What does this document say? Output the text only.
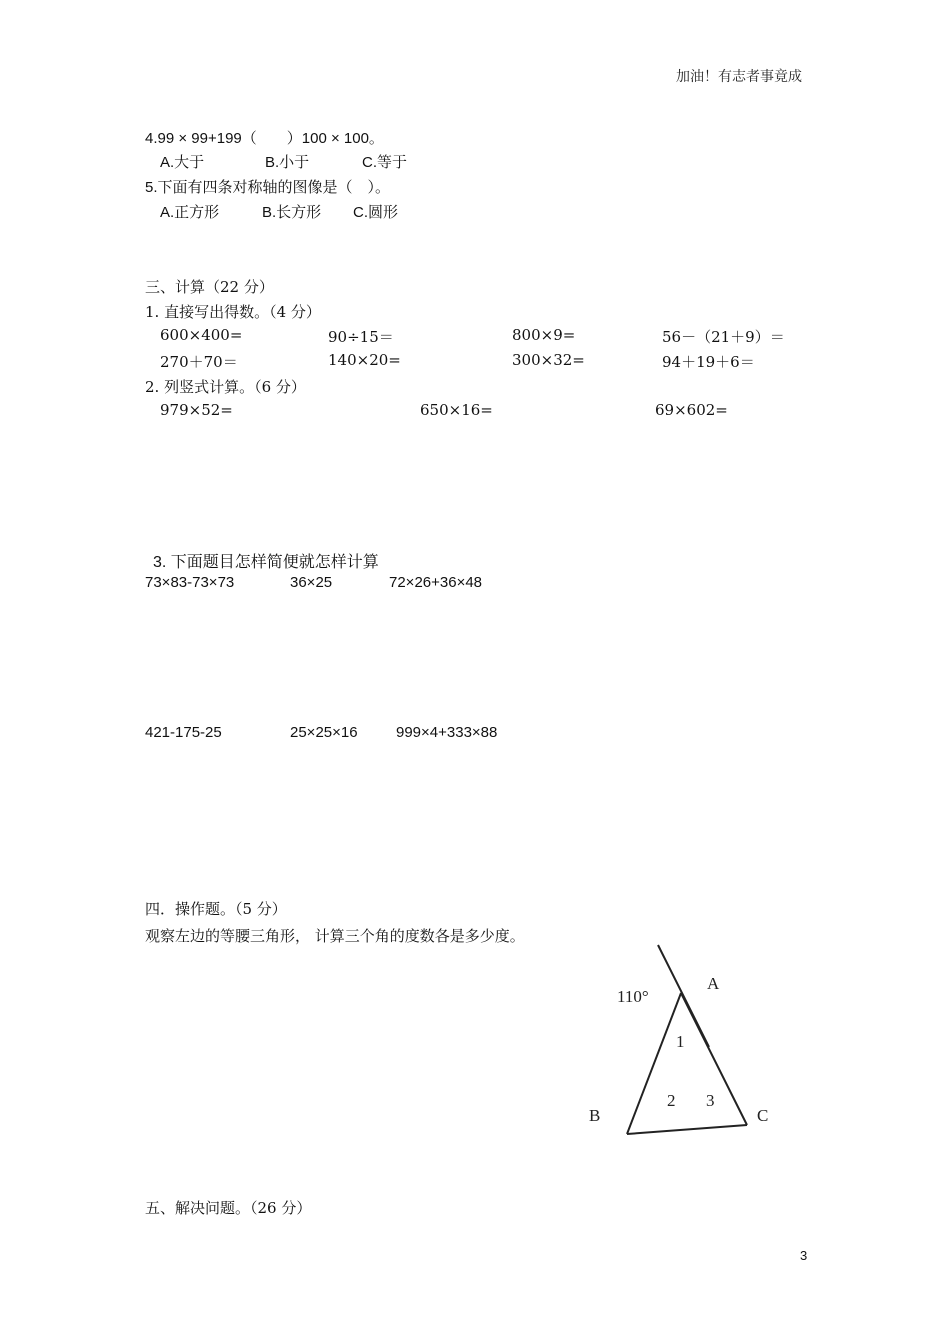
加油！有志者事竟成
4.99 × 99+199（　　）100 × 100。
A.大于	B.小于	C.等于
5.下面有四条对称轴的图像是（　）。
A.正方形	B.长方形 C.圆形
三、计算（22 分）
1. 直接写出得数。（4 分）
600×400=	90÷15＝	800×9=	56－（21＋9）＝
270＋70＝	140×20=	300×32=	94＋19＋6＝
2. 列竖式计算。（6 分）
979×52=	650×16=	69×602=
3. 下面题目怎样简便就怎样计算
73×83-73×73	36×25	72×26+36×48
421-175-25	25×25×16	999×4+333×88
四．操作题。（5 分）
观察左边的等腰三角形， 计算三个角的度数各是多少度。
110°
A
B	C
1
2 3
五、解决问题。（26 分）
3
